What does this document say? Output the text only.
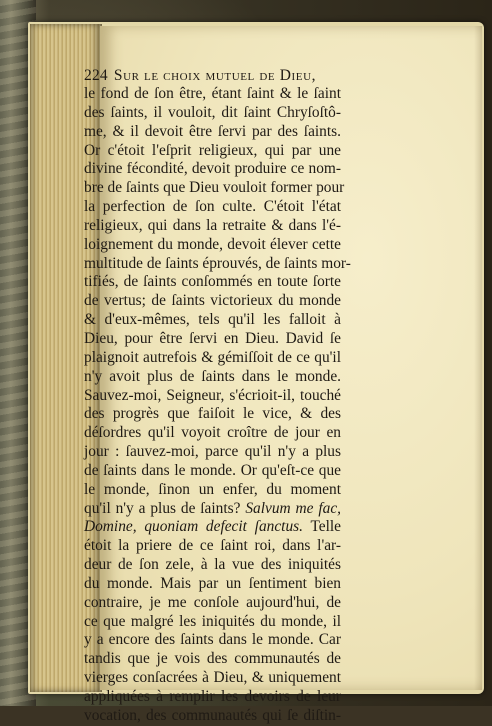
224 Sur le choix mutuel de Dieu,
le fond de ſon être, étant ſaint & le ſaint
des ſaints, il vouloit, dit ſaint Chryſoſtô-
me, & il devoit être ſervi par des ſaints.
Or c'étoit l'eſprit religieux, qui par une
divine fécondité, devoit produire ce nom-
bre de ſaints que Dieu vouloit former pour
la perfection de ſon culte. C'étoit l'état
religieux, qui dans la retraite & dans l'é-
loignement du monde, devoit élever cette
multitude de ſaints éprouvés, de ſaints mor-
tifiés, de ſaints conſommés en toute ſorte
de vertus; de ſaints victorieux du monde
& d'eux-mêmes, tels qu'il les falloit à
Dieu, pour être ſervi en Dieu. David ſe
plaignoit autrefois & gémiſſoit de ce qu'il
n'y avoit plus de ſaints dans le monde.
Sauvez-moi, Seigneur, s'écrioit-il, touché
des progrès que faiſoit le vice, & des
déſordres qu'il voyoit croître de jour en
jour : ſauvez-moi, parce qu'il n'y a plus
de ſaints dans le monde. Or qu'eſt-ce que
le monde, ſinon un enfer, du moment
qu'il n'y a plus de ſaints? Salvum me fac,
Domine, quoniam defecit ſanctus. Telle
étoit la priere de ce ſaint roi, dans l'ar-
deur de ſon zele, à la vue des iniquités
du monde. Mais par un ſentiment bien
contraire, je me conſole aujourd'hui, de
ce que malgré les iniquités du monde, il
y a encore des ſaints dans le monde. Car
tandis que je vois des communautés de
vierges conſacrées à Dieu, & uniquement
appliquées à remplir les devoirs de leur
vocation, des communautés qui ſe diſtin-
